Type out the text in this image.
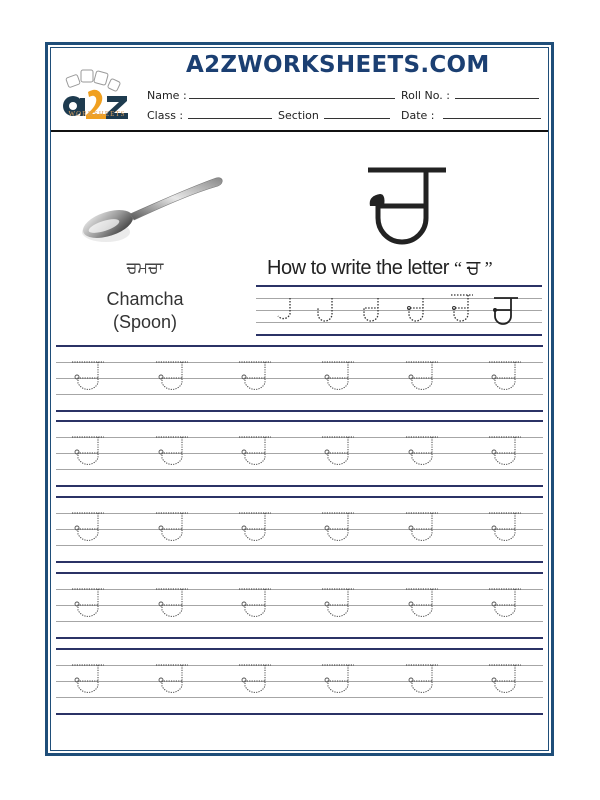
WORKSHEETS
A2ZWORKSHEETS.COM
Name :	Roll No. :
Class :	Section	Date :
ਚਮਚਾ
Chamcha
(Spoon)
How to write the letter “ ਚ ”
